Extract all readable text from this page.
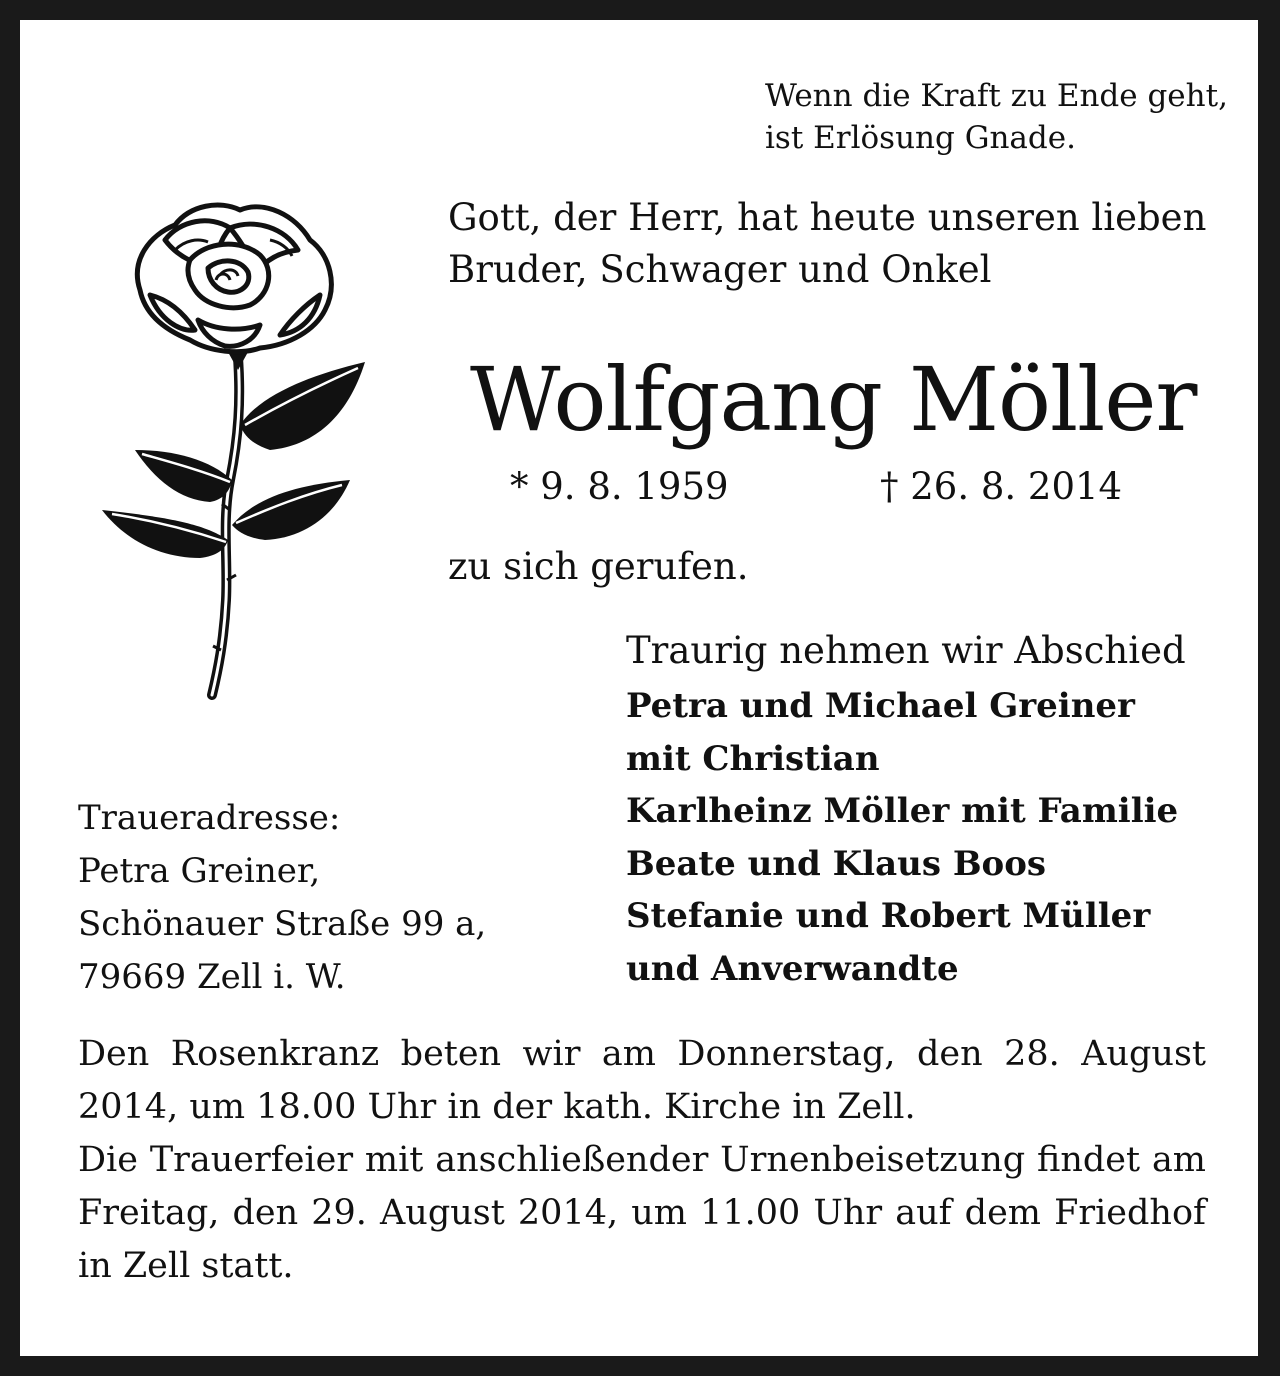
Wenn die Kraft zu Ende geht,
ist Erlösung Gnade.
Gott, der Herr, hat heute unseren lieben
Bruder, Schwager und Onkel
Wolfgang Möller
* 9. 8. 1959	† 26. 8. 2014
zu sich gerufen.
Traurig nehmen wir Abschied
Petra und Michael Greiner
mit Christian
Karlheinz Möller mit Familie
Beate und Klaus Boos
Stefanie und Robert Müller
und Anverwandte
Traueradresse:
Petra Greiner,
Schönauer Straße 99 a,
79669 Zell i. W.

Den Rosenkranz beten wir am Donnerstag, den 28. August 2014, um 18.00 Uhr in der kath. Kirche in Zell.

Die Trauerfeier mit anschließender Urnenbeisetzung findet am Freitag, den 29. August 2014, um 11.00 Uhr auf dem Friedhof in Zell statt.
